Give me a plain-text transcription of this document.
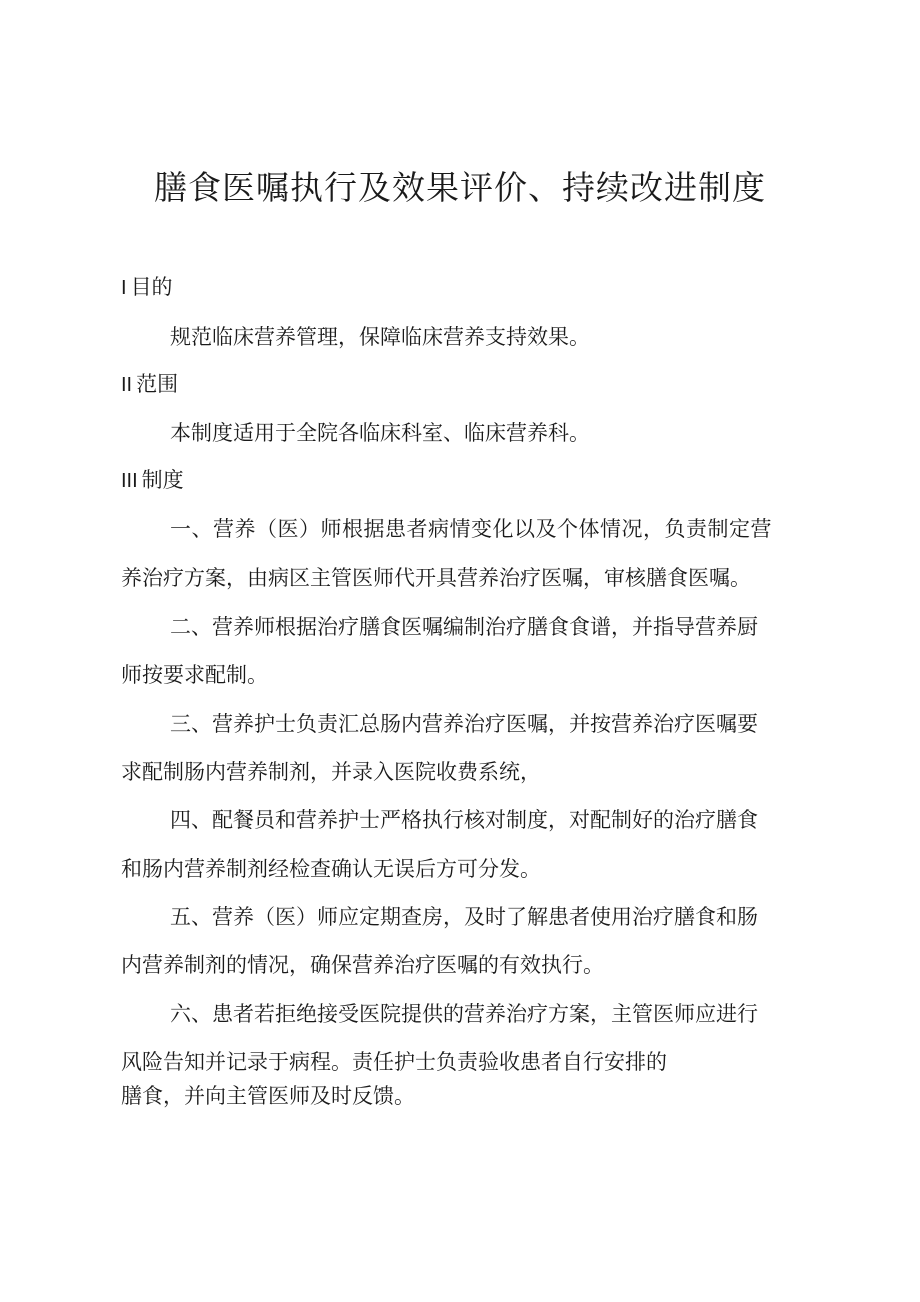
膳食医嘱执行及效果评价、持续改进制度

I 目的

规范临床营养管理，保障临床营养支持效果。

II 范围

本制度适用于全院各临床科室、临床营养科。

III 制度

一、营养（医）师根据患者病情变化以及个体情况，负责制定营

养治疗方案，由病区主管医师代开具营养治疗医嘱，审核膳食医嘱。

二、营养师根据治疗膳食医嘱编制治疗膳食食谱，并指导营养厨

师按要求配制。

三、营养护士负责汇总肠内营养治疗医嘱，并按营养治疗医嘱要

求配制肠内营养制剂，并录入医院收费系统，

四、配餐员和营养护士严格执行核对制度，对配制好的治疗膳食

和肠内营养制剂经检查确认无误后方可分发。

五、营养（医）师应定期查房，及时了解患者使用治疗膳食和肠

内营养制剂的情况，确保营养治疗医嘱的有效执行。

六、患者若拒绝接受医院提供的营养治疗方案，主管医师应进行

风险告知并记录于病程。责任护士负责验收患者自行安排的

膳食，并向主管医师及时反馈。
